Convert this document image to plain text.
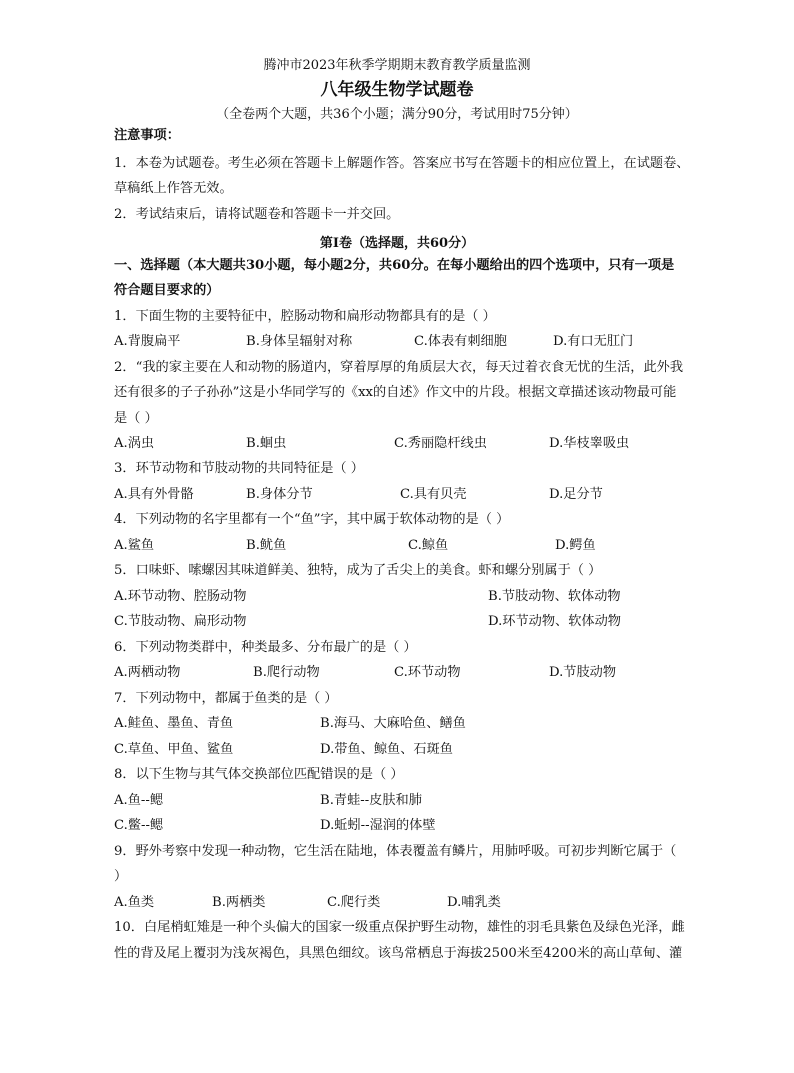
腾冲市2023年秋季学期期末教育教学质量监测
八年级生物学试题卷
（全卷两个大题，共36个小题；满分90分，考试用时75分钟）
注意事项：
1．本卷为试题卷。考生必须在答题卡上解题作答。答案应书写在答题卡的相应位置上，在试题卷、
草稿纸上作答无效。
2．考试结束后，请将试题卷和答题卡一并交回。
第Ⅰ卷（选择题，共60分）
一、选择题（本大题共30小题，每小题2分，共60分。在每小题给出的四个选项中，只有一项是
符合题目要求的）
1．下面生物的主要特征中，腔肠动物和扁形动物都具有的是（ ）
A.背腹扁平	B.身体呈辐射对称	C.体表有刺细胞	D.有口无肛门
2．“我的家主要在人和动物的肠道内，穿着厚厚的角质层大衣，每天过着衣食无忧的生活，此外我
还有很多的子子孙孙”这是小华同学写的《xx的自述》作文中的片段。根据文章描述该动物最可能
是（ ）
A.涡虫	B.蛔虫	C.秀丽隐杆线虫	D.华枝睾吸虫
3．环节动物和节肢动物的共同特征是（ ）
A.具有外骨骼	B.身体分节	C.具有贝壳	D.足分节
4．下列动物的名字里都有一个“鱼”字，其中属于软体动物的是（ ）
A.鲨鱼	B.鱿鱼	C.鲸鱼	D.鳄鱼
5．口味虾、嗦螺因其味道鲜美、独特，成为了舌尖上的美食。虾和螺分别属于（ ）
A.环节动物、腔肠动物	B.节肢动物、软体动物
C.节肢动物、扁形动物	D.环节动物、软体动物
6．下列动物类群中，种类最多、分布最广的是（ ）
A.两栖动物	B.爬行动物	C.环节动物	D.节肢动物
7．下列动物中，都属于鱼类的是（ ）
A.鲑鱼、墨鱼、青鱼	B.海马、大麻哈鱼、鳝鱼
C.草鱼、甲鱼、鲨鱼	D.带鱼、鲸鱼、石斑鱼
8．以下生物与其气体交换部位匹配错误的是（ ）
A.鱼--鳃	B.青蛙--皮肤和肺
C.鳖--鳃	D.蚯蚓--湿润的体壁
9．野外考察中发现一种动物，它生活在陆地，体表覆盖有鳞片，用肺呼吸。可初步判断它属于（
）
A.鱼类	B.两栖类	C.爬行类	D.哺乳类
10．白尾梢虹雉是一种个头偏大的国家一级重点保护野生动物，雄性的羽毛具紫色及绿色光泽，雌
性的背及尾上覆羽为浅灰褐色，具黑色细纹。该鸟常栖息于海拔2500米至4200米的高山草甸、灌
